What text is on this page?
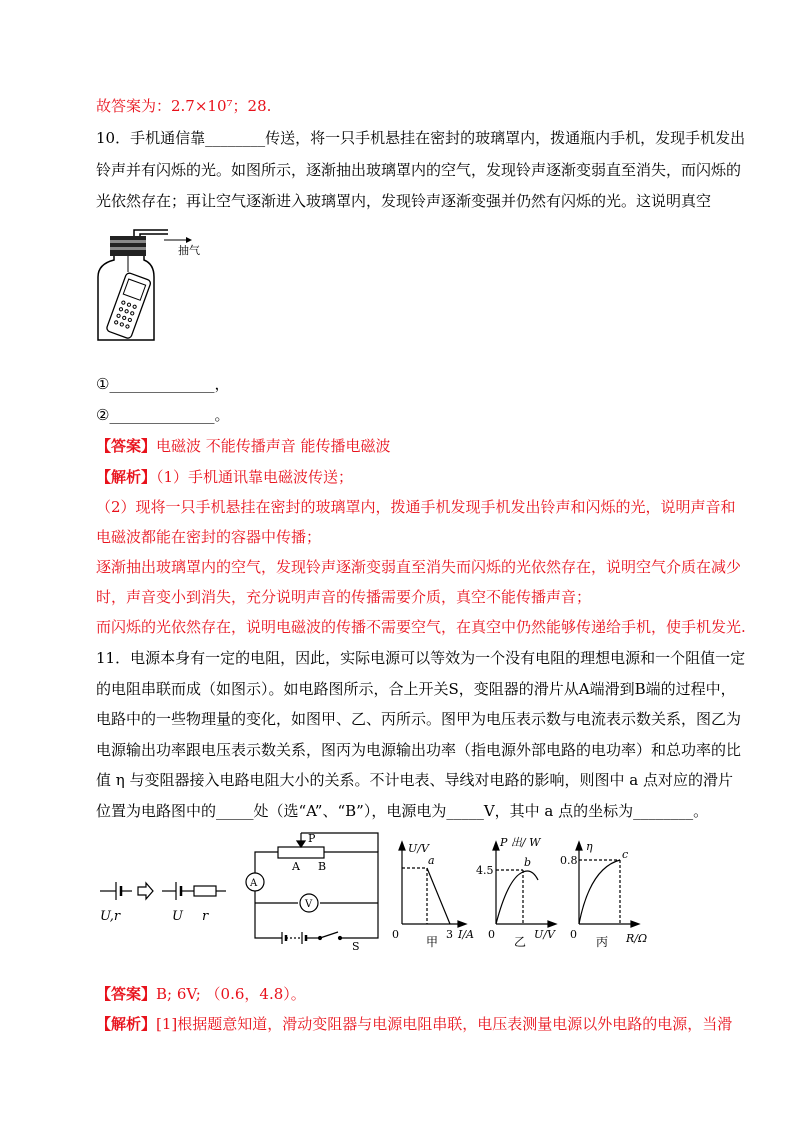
故答案为：2.7×10⁷；28.
10．手机通信靠________传送，将一只手机悬挂在密封的玻璃罩内，拨通瓶内手机，发现手机发出
铃声并有闪烁的光。如图所示，逐渐抽出玻璃罩内的空气，发现铃声逐渐变弱直至消失，而闪烁的
光依然存在；再让空气逐渐进入玻璃罩内，发现铃声逐渐变强并仍然有闪烁的光。这说明真空
抽气
①______________，
②______________。
【答案】电磁波 不能传播声音 能传播电磁波
【解析】（1）手机通讯靠电磁波传送；
（2）现将一只手机悬挂在密封的玻璃罩内，拨通手机发现手机发出铃声和闪烁的光，说明声音和
电磁波都能在密封的容器中传播；
逐渐抽出玻璃罩内的空气，发现铃声逐渐变弱直至消失而闪烁的光依然存在，说明空气介质在减少
时，声音变小到消失，充分说明声音的传播需要介质，真空不能传播声音；
而闪烁的光依然存在，说明电磁波的传播不需要空气，在真空中仍然能够传递给手机，使手机发光.
11．电源本身有一定的电阻，因此，实际电源可以等效为一个没有电阻的理想电源和一个阻值一定
的电阻串联而成（如图示）。如电路图所示，合上开关S，变阻器的滑片从A端滑到B端的过程中，
电路中的一些物理量的变化，如图甲、乙、丙所示。图甲为电压表示数与电流表示数关系，图乙为
电源输出功率跟电压表示数关系，图丙为电源输出功率（指电源外部电路的电功率）和总功率的比
值 η 与变阻器接入电路电阻大小的关系。不计电表、导线对电路的影响，则图中 a 点对应的滑片
位置为电路图中的_____处（选“A”、“B”），电源电为_____V，其中 a 点的坐标为________。
U,r	U r
P
A B
A
V
S
U/V
a
0	3 I/A
甲
P 出/ W
b
4.5
0	U/V
乙
η
c
0.8
0	R/Ω
丙
【答案】B; 6V; （0.6，4.8）。
【解析】[1]根据题意知道，滑动变阻器与电源电阻串联，电压表测量电源以外电路的电源，当滑
